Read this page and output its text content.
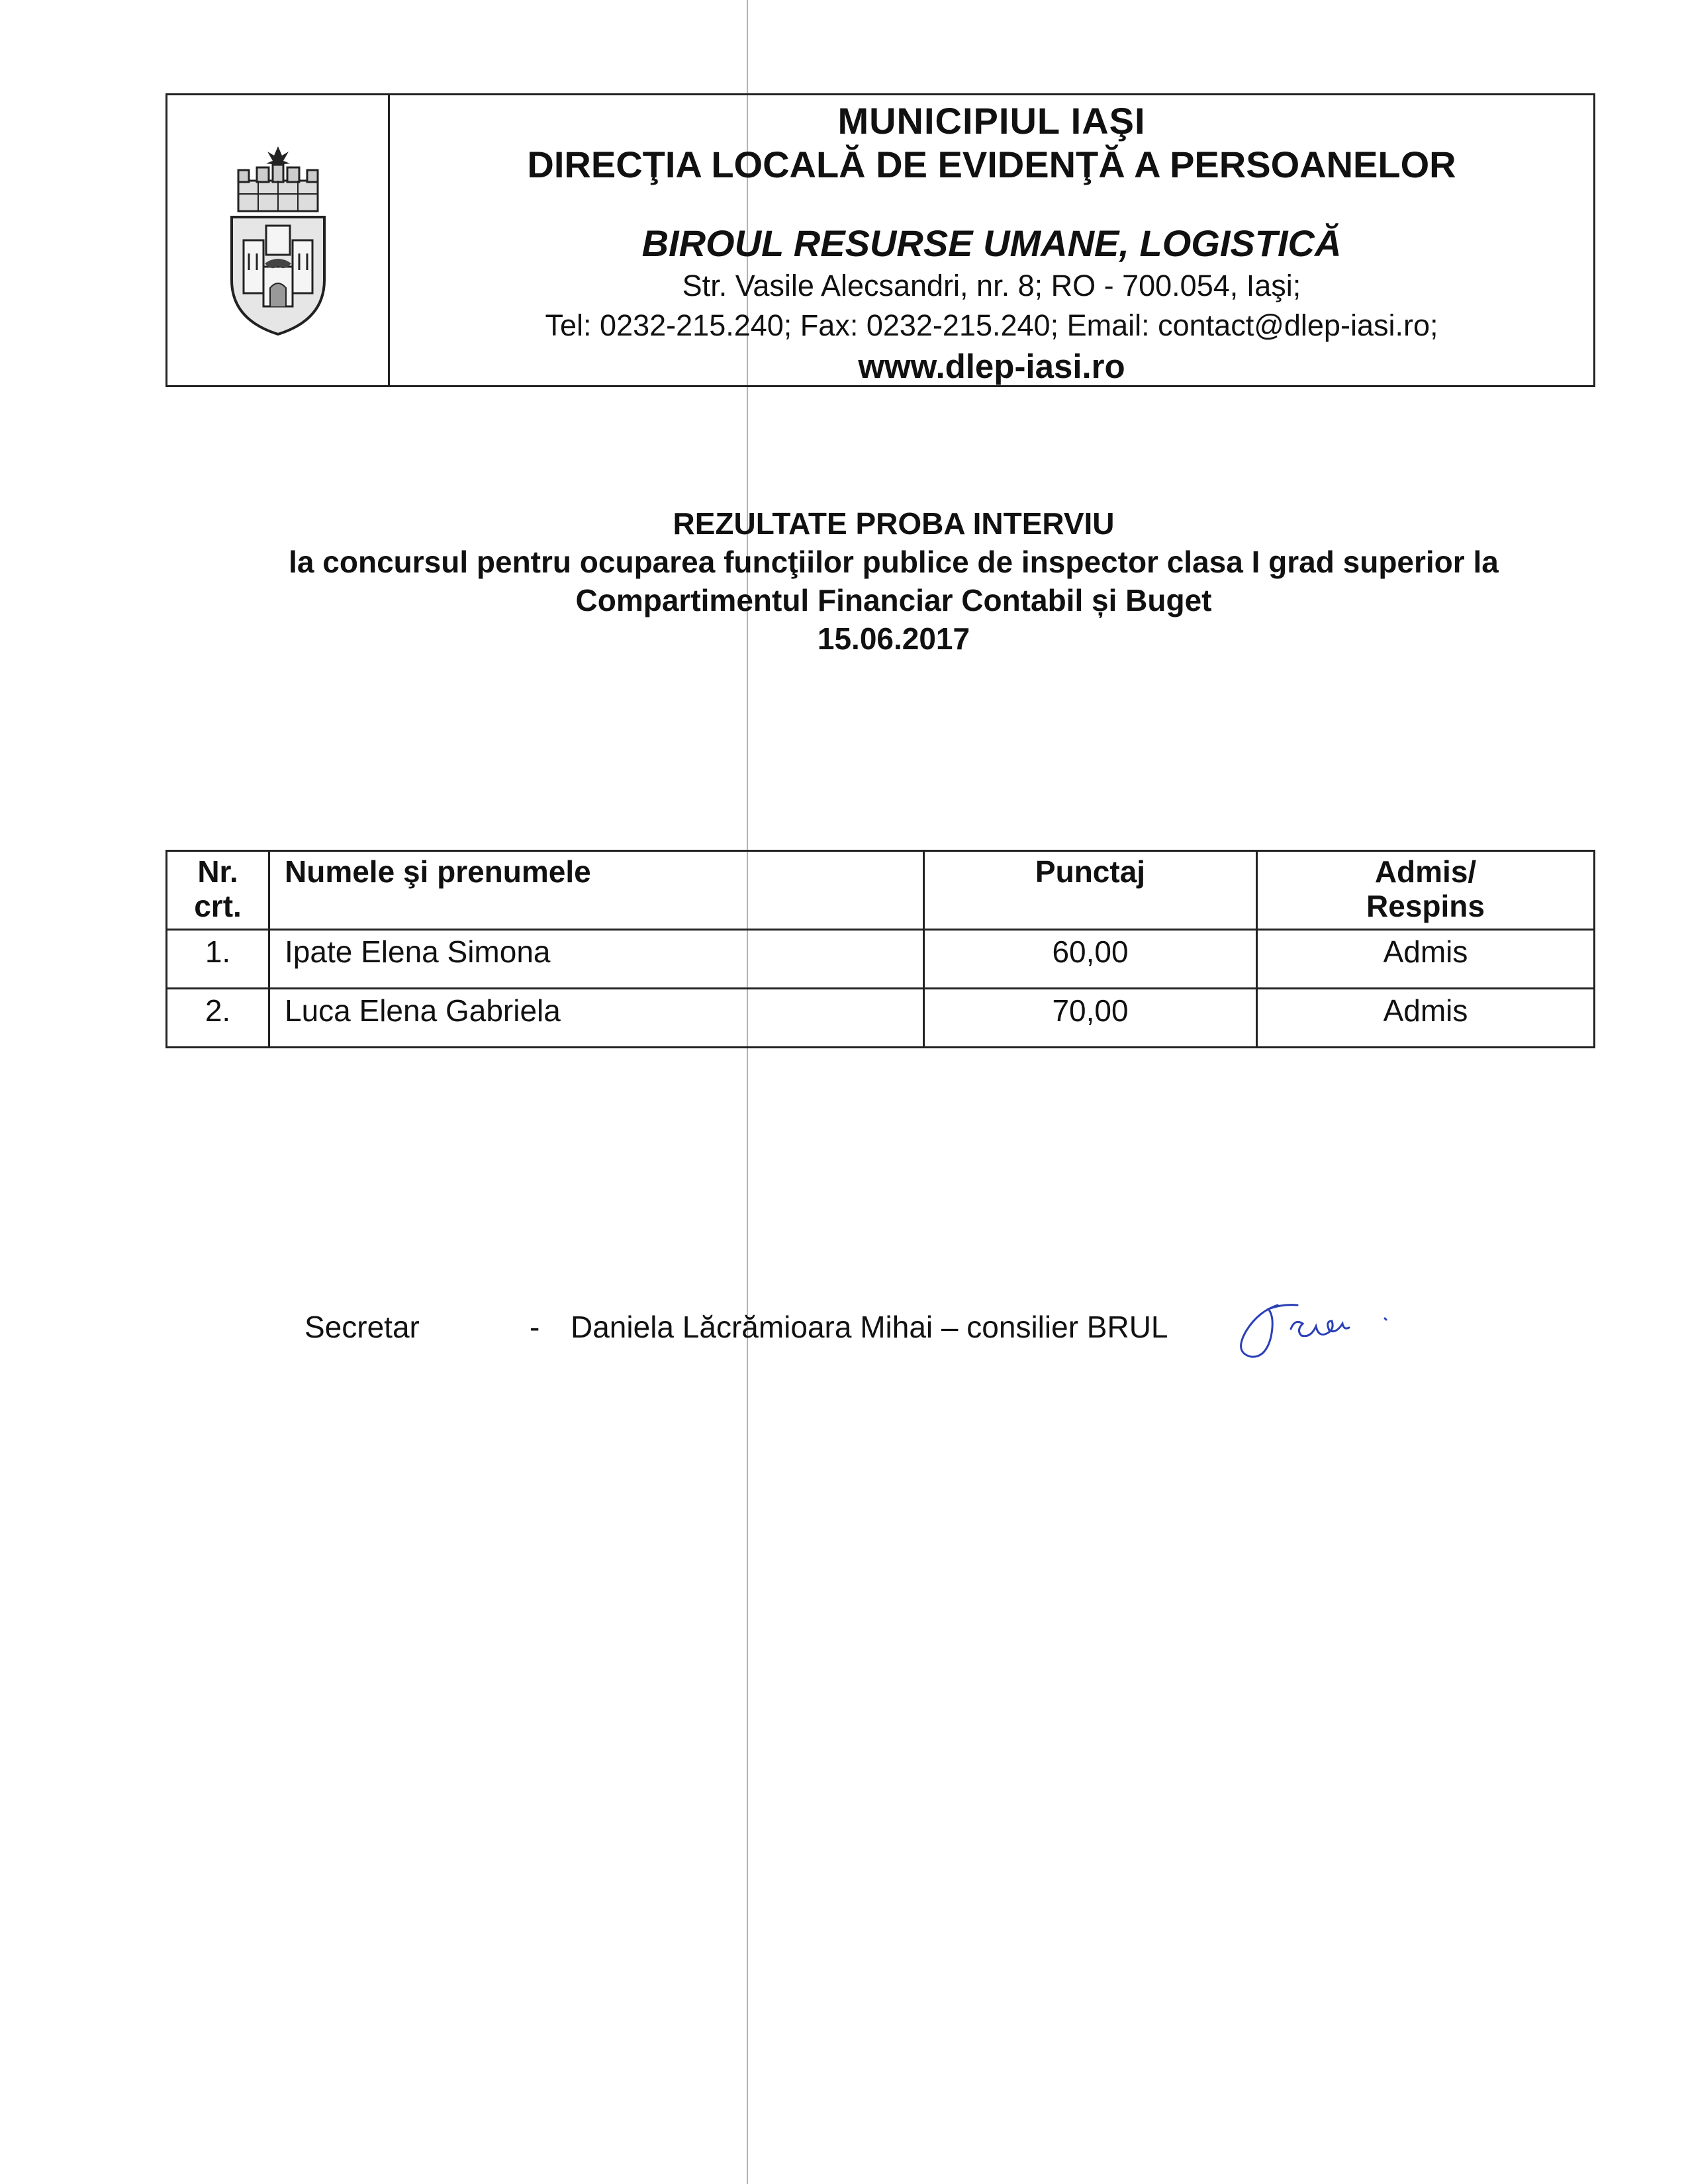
MUNICIPIUL IAŞI
DIRECŢIA LOCALĂ DE EVIDENŢĂ A PERSOANELOR
BIROUL RESURSE UMANE, LOGISTICĂ
Str. Vasile Alecsandri, nr. 8; RO - 700.054, Iaşi;
Tel: 0232-215.240; Fax: 0232-215.240; Email: contact@dlep-iasi.ro;
www.dlep-iasi.ro
REZULTATE PROBA INTERVIU
la concursul pentru ocuparea funcţiilor publice de inspector clasa I grad superior la
Compartimentul Financiar Contabil și Buget
15.06.2017
Nr.
crt.	Numele şi prenumele	Punctaj	Admis/
Respins
1.	Ipate Elena Simona	60,00	Admis
2.	Luca Elena Gabriela	70,00	Admis
Secretar	- Daniela Lăcrămioara Mihai – consilier BRUL
